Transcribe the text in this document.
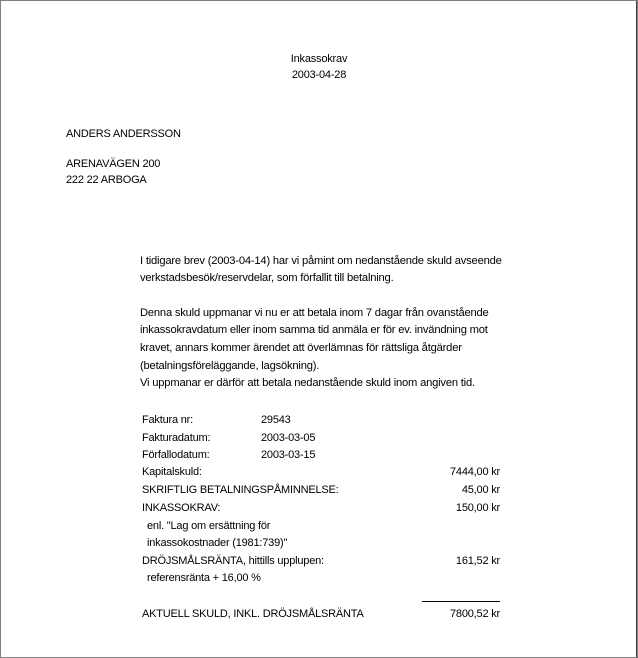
Inkassokrav
2003-04-28
ANDERS ANDERSSON
ARENAVÄGEN 200
222 22 ARBOGA
I tidigare brev (2003-04-14) har vi påmint om nedanstående skuld avseende
verkstadsbesök/reservdelar, som förfallit till betalning.
Denna skuld uppmanar vi nu er att betala inom 7 dagar från ovanstående
inkassokravdatum eller inom samma tid anmäla er för ev. invändning mot
kravet, annars kommer ärendet att överlämnas för rättsliga åtgärder
(betalningsföreläggande, lagsökning).
Vi uppmanar er därför att betala nedanstående skuld inom angiven tid.
Faktura nr:	29543
Fakturadatum:	2003-03-05
Förfallodatum:	2003-03-15
Kapitalskuld:	7444,00 kr
SKRIFTLIG BETALNINGSPÅMINNELSE:	45,00 kr
INKASSOKRAV:	150,00 kr
enl. "Lag om ersättning för
inkassokostnader (1981:739)"
DRÖJSMÅLSRÄNTA, hittills upplupen:	161,52 kr
referensränta + 16,00 %
AKTUELL SKULD, INKL. DRÖJSMÅLSRÄNTA	7800,52 kr
